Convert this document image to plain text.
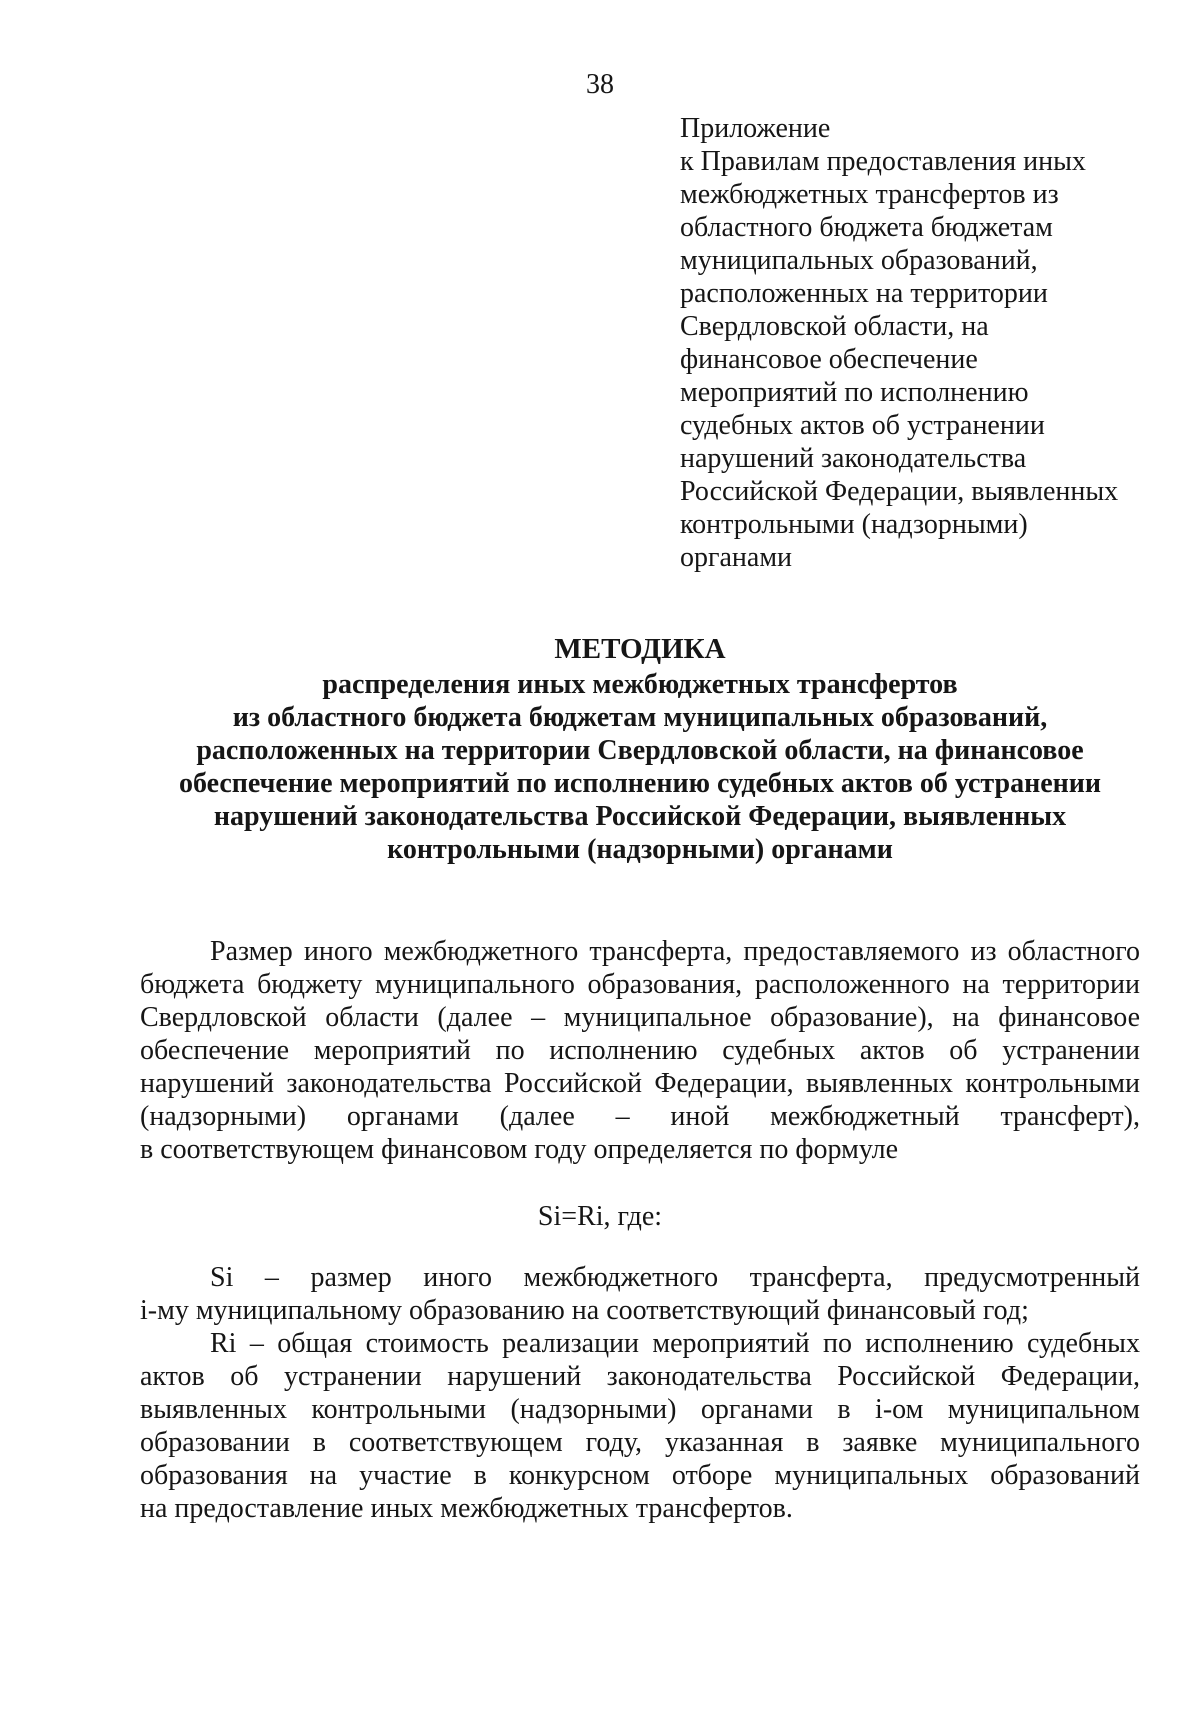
38
Приложение
к Правилам предоставления иных
межбюджетных трансфертов из
областного бюджета бюджетам
муниципальных образований,
расположенных на территории
Свердловской области, на
финансовое обеспечение
мероприятий по исполнению
судебных актов об устранении
нарушений законодательства
Российской Федерации, выявленных
контрольными (надзорными)
органами
МЕТОДИКА
распределения иных межбюджетных трансфертов
из областного бюджета бюджетам муниципальных образований,
расположенных на территории Свердловской области, на финансовое
обеспечение мероприятий по исполнению судебных актов об устранении
нарушений законодательства Российской Федерации, выявленных
контрольными (надзорными) органами
Размер иного межбюджетного трансферта, предоставляемого из областного
бюджета бюджету муниципального образования, расположенного на территории
Свердловской области (далее – муниципальное образование), на финансовое
обеспечение мероприятий по исполнению судебных актов об устранении
нарушений законодательства Российской Федерации, выявленных контрольными
(надзорными) органами (далее – иной межбюджетный трансферт),
в соответствующем финансовом году определяется по формуле
Si=Ri, где:
Si – размер иного межбюджетного трансферта, предусмотренный
i-му муниципальному образованию на соответствующий финансовый год;
Ri – общая стоимость реализации мероприятий по исполнению судебных
актов об устранении нарушений законодательства Российской Федерации,
выявленных контрольными (надзорными) органами в i-ом муниципальном
образовании в соответствующем году, указанная в заявке муниципального
образования на участие в конкурсном отборе муниципальных образований
на предоставление иных межбюджетных трансфертов.
